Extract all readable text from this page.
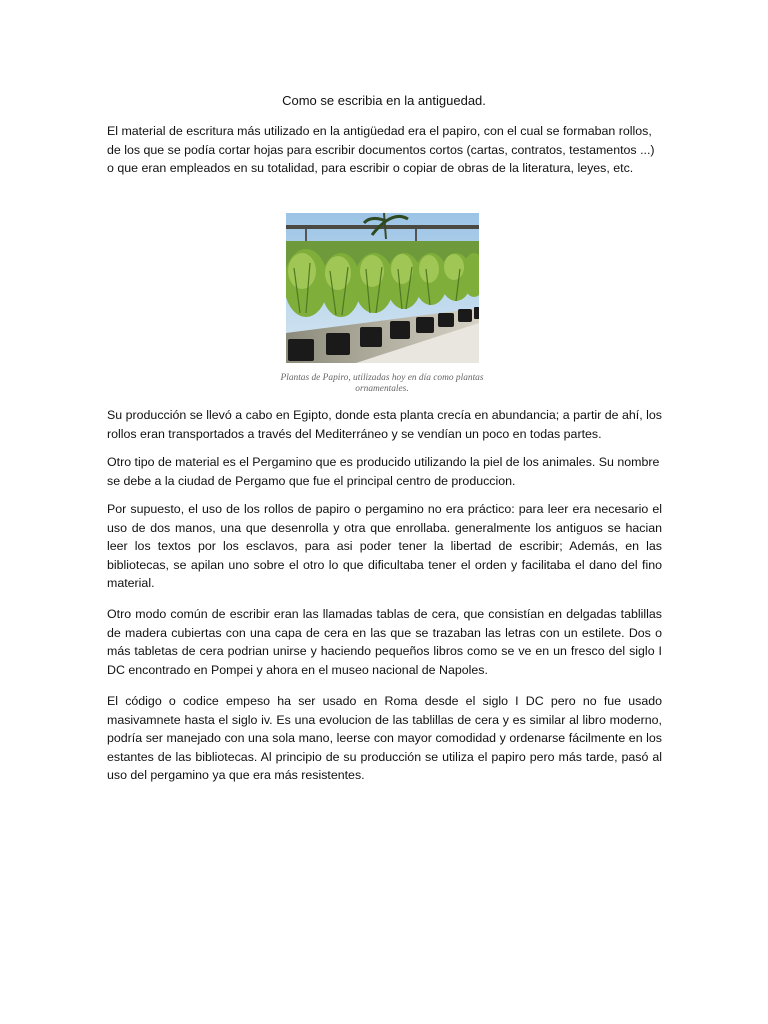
Como se escribia en la antiguedad.

El material de escritura más utilizado en la antigüedad era el papiro, con el cual se formaban rollos, de los que se podía cortar hojas para escribir documentos cortos (cartas, contratos, testamentos ...) o que eran empleados en su totalidad, para escribir o copiar de obras de la literatura, leyes, etc.

Plantas de Papiro, utilizadas hoy en día como plantas ornamentales.

Su producción se llevó a cabo en Egipto, donde esta planta crecía en abundancia; a partir de ahí, los rollos eran transportados a través del Mediterráneo y se vendían un poco en todas partes.

Otro tipo de material es el Pergamino que es producido utilizando la piel de los animales. Su nombre se debe a la ciudad de Pergamo que fue el principal centro de produccion.

Por supuesto, el uso de los rollos de papiro o pergamino no era práctico: para leer era necesario el uso de dos manos, una que desenrolla y otra que enrollaba. generalmente los antiguos se hacian leer los textos por los esclavos, para asi poder tener la libertad de escribir; Además, en las bibliotecas, se apilan uno sobre el otro lo que dificultaba tener el orden y facilitaba el dano del fino material.

Otro modo común de escribir eran las llamadas tablas de cera, que consistían en delgadas tablillas de madera cubiertas con una capa de cera en las que se trazaban las letras con un estilete. Dos o más tabletas de cera podrian unirse y haciendo pequeños libros como se ve en un fresco del siglo I DC encontrado en Pompei y ahora en el museo nacional de Napoles.

El código o codice empeso ha ser usado en Roma desde el siglo I DC pero no fue usado masivamnete hasta el siglo iv. Es una evolucion de las tablillas de cera y es similar al libro moderno, podría ser manejado con una sola mano, leerse con mayor comodidad y ordenarse fácilmente en los estantes de las bibliotecas. Al principio de su producción se utiliza el papiro pero más tarde, pasó al uso del pergamino ya que era más resistentes.
